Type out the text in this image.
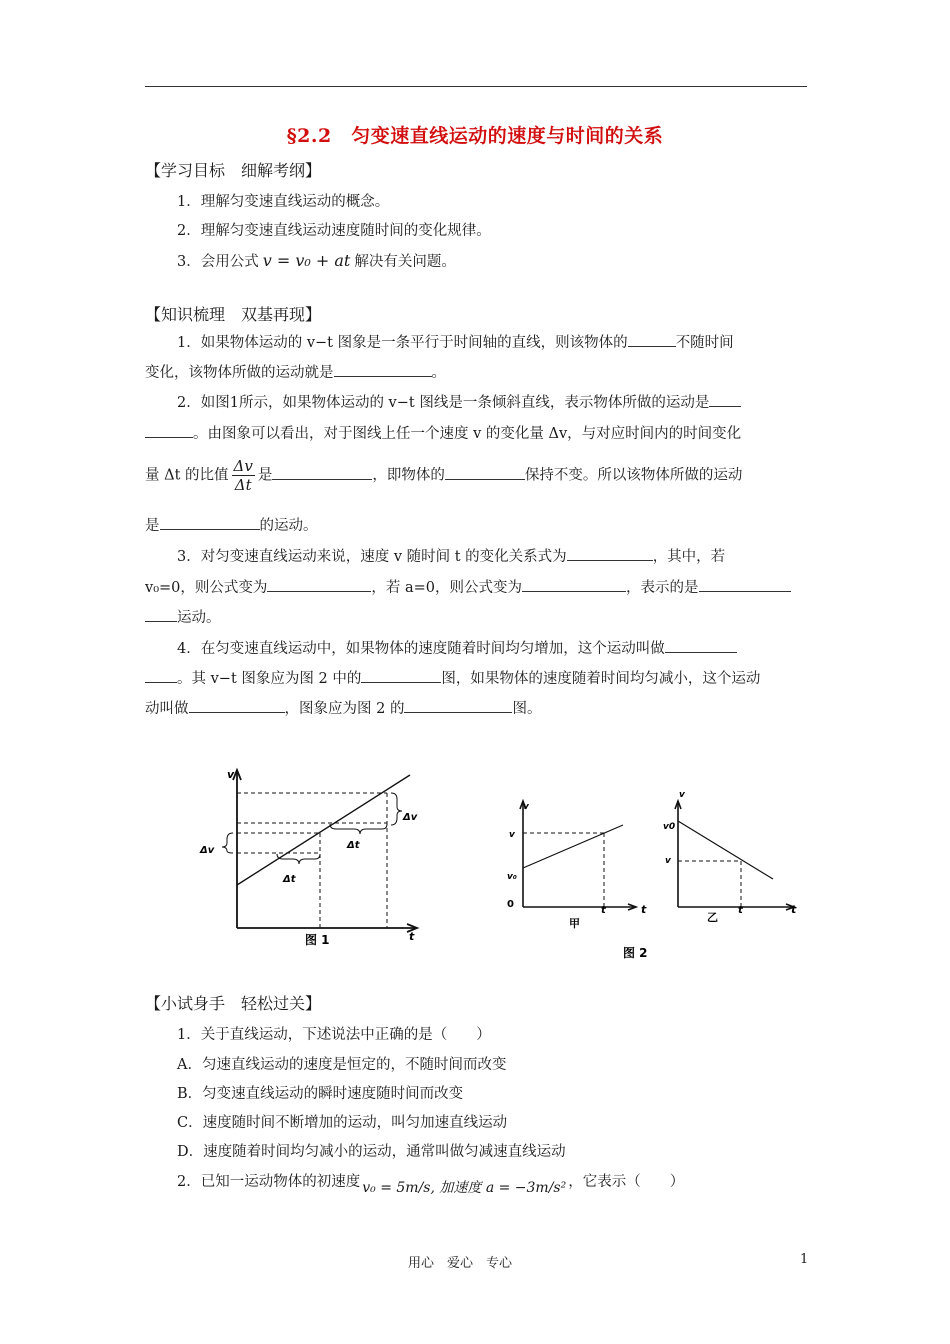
§2.2　匀变速直线运动的速度与时间的关系
【学习目标　细解考纲】
1．理解匀变速直线运动的概念。
2．理解匀变速直线运动速度随时间的变化规律。
3．会用公式 v = v₀ + at 解决有关问题。
【知识梳理　双基再现】
1．如果物体运动的 v−t 图象是一条平行于时间轴的直线，则该物体的	不随时间
变化，该物体所做的运动就是	。
2．如图1所示，如果物体运动的 v−t 图线是一条倾斜直线，表示物体所做的运动是
。由图象可以看出，对于图线上任一个速度 v 的变化量 Δv，与对应时间内的时间变化
量 Δt 的比值 $\frac{\Delta v}{\Delta t}$ 是	，即物体的	保持不变。所以该物体所做的运动
是	的运动。
3．对匀变速直线运动来说，速度 v 随时间 t 的变化关系式为	，其中，若
v₀=0，则公式变为	，若 a=0，则公式变为	，表示的是
运动。
4．在匀变速直线运动中，如果物体的速度随着时间均匀增加，这个运动叫做
。其 v−t 图象应为图 2 中的	图，如果物体的速度随着时间均匀减小，这个运动
动叫做	，图象应为图 2 的	图。
v
t
Δv
Δt
Δt
Δv
图 1
v
v
v₀
0
t	t
甲
v
v0
v
t	t
乙
图 2
【小试身手　轻松过关】
1．关于直线运动，下述说法中正确的是（　　）
A．匀速直线运动的速度是恒定的，不随时间而改变
B．匀变速直线运动的瞬时速度随时间而改变
C．速度随时间不断增加的运动，叫匀加速直线运动
D．速度随着时间均匀减小的运动，通常叫做匀减速直线运动
2．已知一运动物体的初速度 v₀ = 5m/s, 加速度 a = −3m/s² ，它表示（　　）
用心　爱心　专心	1
